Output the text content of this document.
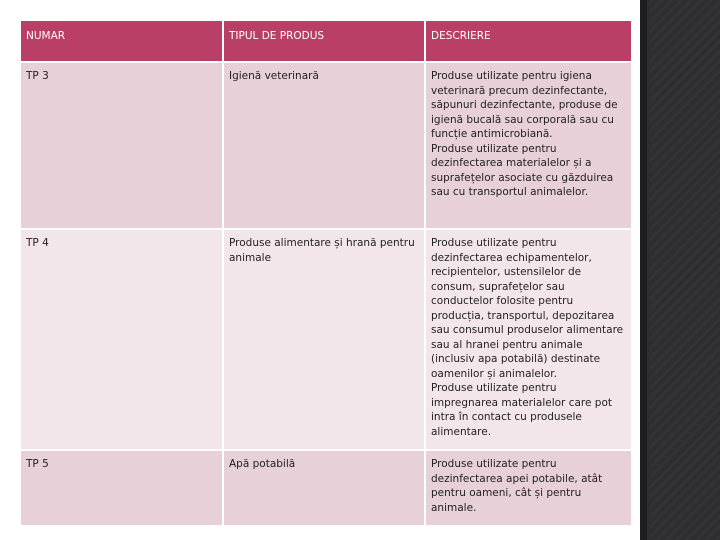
NUMAR	TIPUL DE PRODUS	DESCRIERE
TP 3	Igienă veterinară	Produse utilizate pentru igiena veterinară precum dezinfectante, săpunuri dezinfectante, produse de igienă bucală sau corporală sau cu funcție antimicrobiană.
Produse utilizate pentru dezinfectarea materialelor și a suprafețelor asociate cu găzduirea sau cu transportul animalelor.
TP 4	Produse alimentare și hrană pentru animale	Produse utilizate pentru dezinfectarea echipamentelor, recipientelor, ustensilelor de consum, suprafețelor sau conductelor folosite pentru producția, transportul, depozitarea sau consumul produselor alimentare sau al hranei pentru animale (inclusiv apa potabilă) destinate oamenilor și animalelor.
Produse utilizate pentru impregnarea materialelor care pot intra în contact cu produsele alimentare.
TP 5	Apă potabilă	Produse utilizate pentru dezinfectarea apei potabile, atât pentru oameni, cât și pentru animale.
